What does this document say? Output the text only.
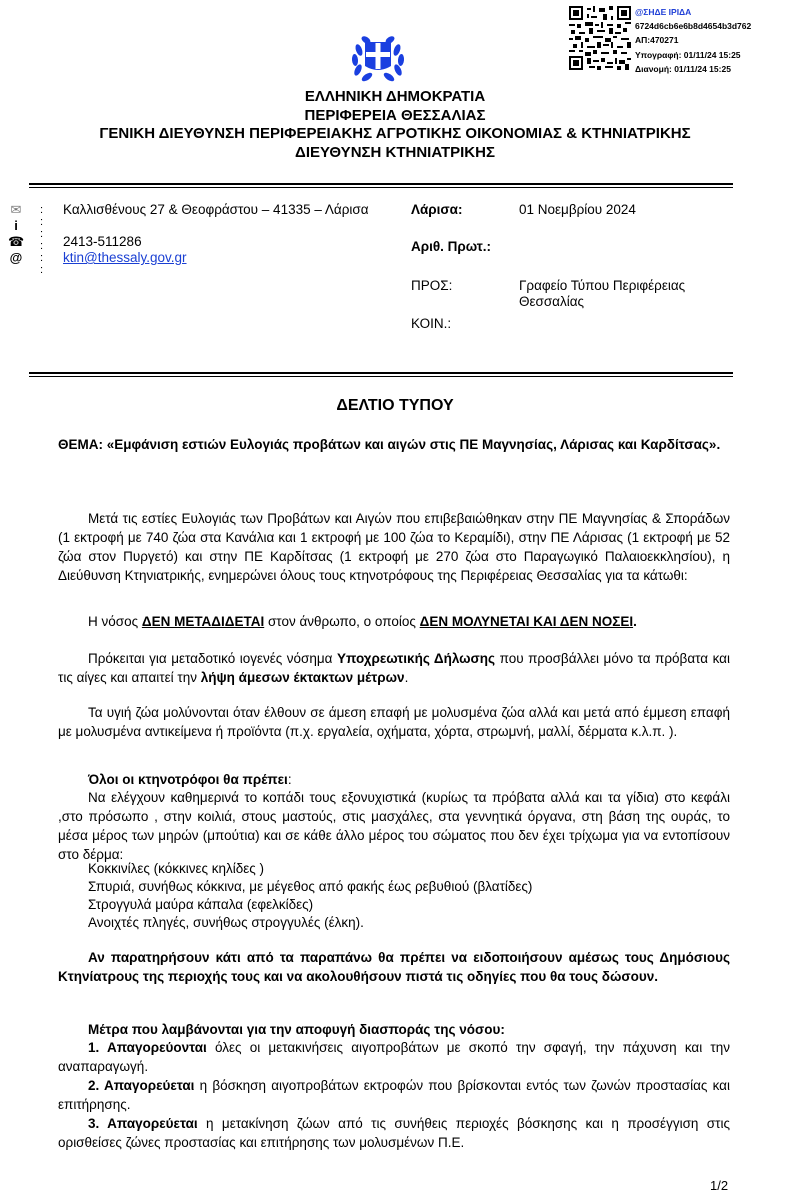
@ΣΗΔΕ ΙΡΙΔΑ
6724d6cb6e6b8d4654b3d762
ΑΠ:470271
Υπογραφή: 01/11/24 15:25
Διανομή: 01/11/24 15:25
ΕΛΛΗΝΙΚΗ ΔΗΜΟΚΡΑΤΙΑ
ΠΕΡΙΦΕΡΕΙΑ ΘΕΣΣΑΛΙΑΣ
ΓΕΝΙΚΗ ΔΙΕΥΘΥΝΣΗ ΠΕΡΙΦΕΡΕΙΑΚΗΣ ΑΓΡΟΤΙΚΗΣ ΟΙΚΟΝΟΜΙΑΣ & ΚΤΗΝΙΑΤΡΙΚΗΣ
ΔΙΕΥΘΥΝΣΗ ΚΤΗΝΙΑΤΡΙΚΗΣ
✉
i
☎
@
:
:
:
:
:
:
Καλλισθένους 27 & Θεοφράστου – 41335 – Λάρισα
2413-511286
ktin@thessaly.gov.gr
Λάρισα:	01 Νοεμβρίου 2024
Αριθ. Πρωτ.:
ΠΡΟΣ:	Γραφείο Τύπου Περιφέρειας
Θεσσαλίας
ΚΟΙΝ.:
ΔΕΛΤΙΟ ΤΥΠΟΥ
ΘΕΜΑ: «Εμφάνιση εστιών Ευλογιάς προβάτων και αιγών στις ΠΕ Μαγνησίας, Λάρισας και Καρδίτσας».
Μετά τις εστίες Ευλογιάς των Προβάτων και Αιγών που επιβεβαιώθηκαν στην ΠΕ Μαγνησίας & Σποράδων (1 εκτροφή με 740 ζώα στα Κανάλια και 1 εκτροφή με 100 ζώα το Κεραμίδι), στην ΠΕ Λάρισας (1 εκτροφή με 52 ζώα στον Πυργετό) και στην ΠΕ Καρδίτσας (1 εκτροφή με 270 ζώα στο Παραγωγικό Παλαιοεκκλησίου), η Διεύθυνση Κτηνιατρικής, ενημερώνει όλους τους κτηνοτρόφους της Περιφέρειας Θεσσαλίας για τα κάτωθι:
Η νόσος ΔΕΝ ΜΕΤΑΔΙΔΕΤΑΙ στον άνθρωπο, ο οποίος ΔΕΝ ΜΟΛΥΝΕΤΑΙ ΚΑΙ ΔΕΝ ΝΟΣΕΙ.
Πρόκειται για μεταδοτικό ιογενές νόσημα Υποχρεωτικής Δήλωσης που προσβάλλει μόνο τα πρόβατα και τις αίγες και απαιτεί την λήψη άμεσων έκτακτων μέτρων.
Τα υγιή ζώα μολύνονται όταν έλθουν σε άμεση επαφή με μολυσμένα ζώα αλλά και μετά από έμμεση επαφή με μολυσμένα αντικείμενα ή προϊόντα (π.χ. εργαλεία, οχήματα, χόρτα, στρωμνή, μαλλί, δέρματα κ.λ.π. ).
Όλοι οι κτηνοτρόφοι θα πρέπει:
Να ελέγχουν καθημερινά το κοπάδι τους εξονυχιστικά (κυρίως τα πρόβατα αλλά και τα γίδια) στο κεφάλι ,στο πρόσωπο , στην κοιλιά, στους μαστούς, στις μασχάλες, στα γεννητικά όργανα, στη βάση της ουράς, το μέσα μέρος των μηρών (μπούτια) και σε κάθε άλλο μέρος του σώματος που δεν έχει τρίχωμα για να εντοπίσουν στο δέρμα:
Κοκκινίλες (κόκκινες κηλίδες )
Σπυριά, συνήθως κόκκινα, με μέγεθος από φακής έως ρεβυθιού (βλατίδες)
Στρογγυλά μαύρα κάπαλα (εφελκίδες)
Ανοιχτές πληγές, συνήθως στρογγυλές (έλκη).
Αν παρατηρήσουν κάτι από τα παραπάνω θα πρέπει να ειδοποιήσουν αμέσως τους Δημόσιους Κτηνίατρους της περιοχής τους και να ακολουθήσουν πιστά τις οδηγίες που θα τους δώσουν.
Μέτρα που λαμβάνονται για την αποφυγή διασποράς της νόσου:
1. Απαγορεύονται όλες οι μετακινήσεις αιγοπροβάτων με σκοπό την σφαγή, την πάχυνση και την αναπαραγωγή.
2. Απαγορεύεται η βόσκηση αιγοπροβάτων εκτροφών που βρίσκονται εντός των ζωνών προστασίας και επιτήρησης.
3. Απαγορεύεται η μετακίνηση ζώων από τις συνήθεις περιοχές βόσκησης και η προσέγγιση στις ορισθείσες ζώνες προστασίας και επιτήρησης των μολυσμένων Π.Ε.
1/2
